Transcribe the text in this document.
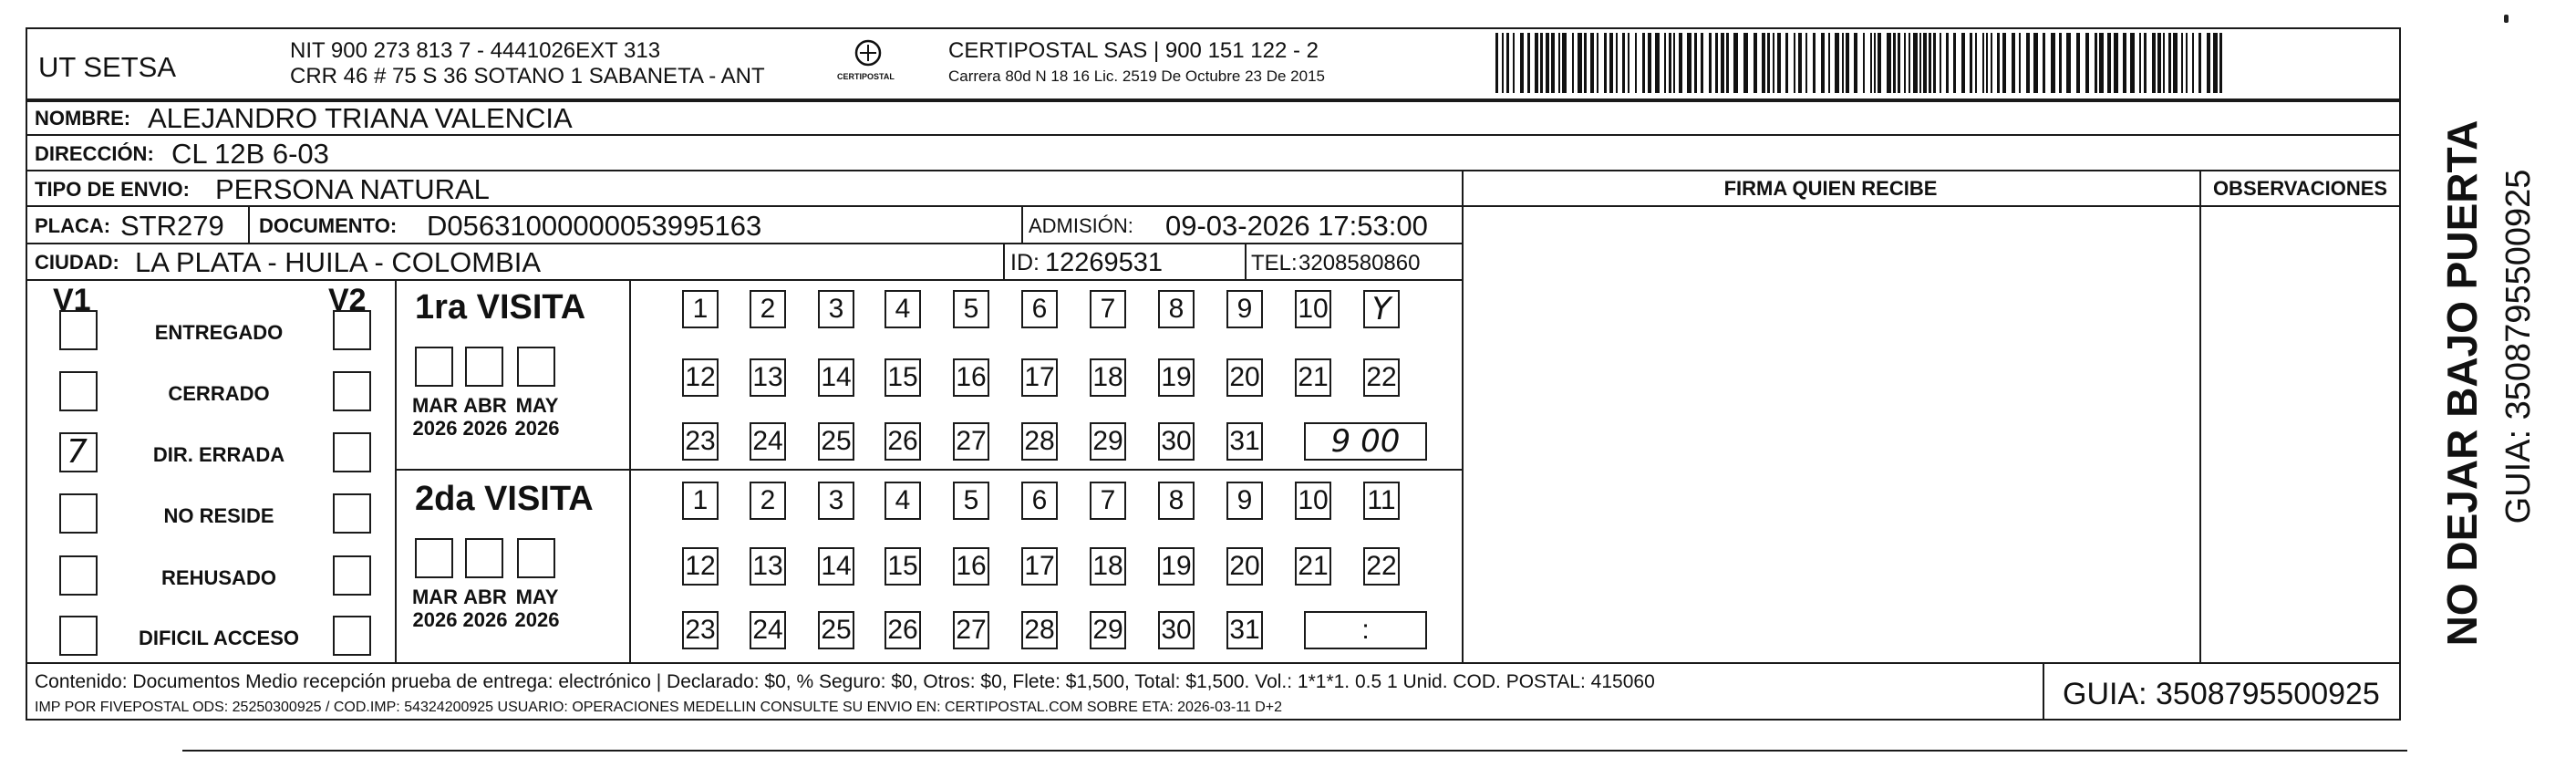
UT SETSA
NIT 900 273 813 7 - 4441026EXT 313
CRR 46 # 75 S 36 SOTANO 1 SABANETA - ANT	CERTIPOSTAL
CERTIPOSTAL SAS | 900 151 122 - 2
Carrera 80d N 18 16 Lic. 2519 De Octubre 23 De 2015
NOMBRE: ALEJANDRO TRIANA VALENCIA
DIRECCIÓN: CL 12B 6-03
TIPO DE ENVIO: PERSONA NATURAL
PLACA: STR279 DOCUMENTO: D05631000000053995163	ADMISIÓN: 09-03-2026 17:53:00
CIUDAD: LA PLATA - HUILA - COLOMBIA	ID: 12269531	TEL: 3208580860
FIRMA QUIEN RECIBE	OBSERVACIONES
V1	V2
ENTREGADO
CERRADO
7	DIR. ERRADA
NO RESIDE
REHUSADO
DIFICIL ACCESO
1ra VISITA
2da VISITA
MAR
2026
ABR
2026
MAY
2026
MAR
2026
ABR
2026
MAY
2026
1	2	3	4	5	6	7	8	9	10 Y
12 13 14 15 16 17 18 19 20 21 22
23 24 25 26 27 28 29 30 31 9 00
1	2	3	4	5	6	7	8	9	10 11
12 13 14 15 16 17 18 19 20 21 22
23 24 25 26 27 28 29 30 31	:
Contenido: Documentos Medio recepción prueba de entrega: electrónico | Declarado: $0, % Seguro: $0, Otros: $0, Flete: $1,500, Total: $1,500. Vol.: 1*1*1. 0.5 1 Unid. COD. POSTAL: 415060
IMP POR FIVEPOSTAL ODS: 25250300925 / COD.IMP: 54324200925 USUARIO: OPERACIONES MEDELLIN CONSULTE SU ENVIO EN: CERTIPOSTAL.COM SOBRE ETA: 2026-03-11 D+2	GUIA: 3508795500925
NO DEJAR BAJO PUERTA GUIA: 3508795500925
